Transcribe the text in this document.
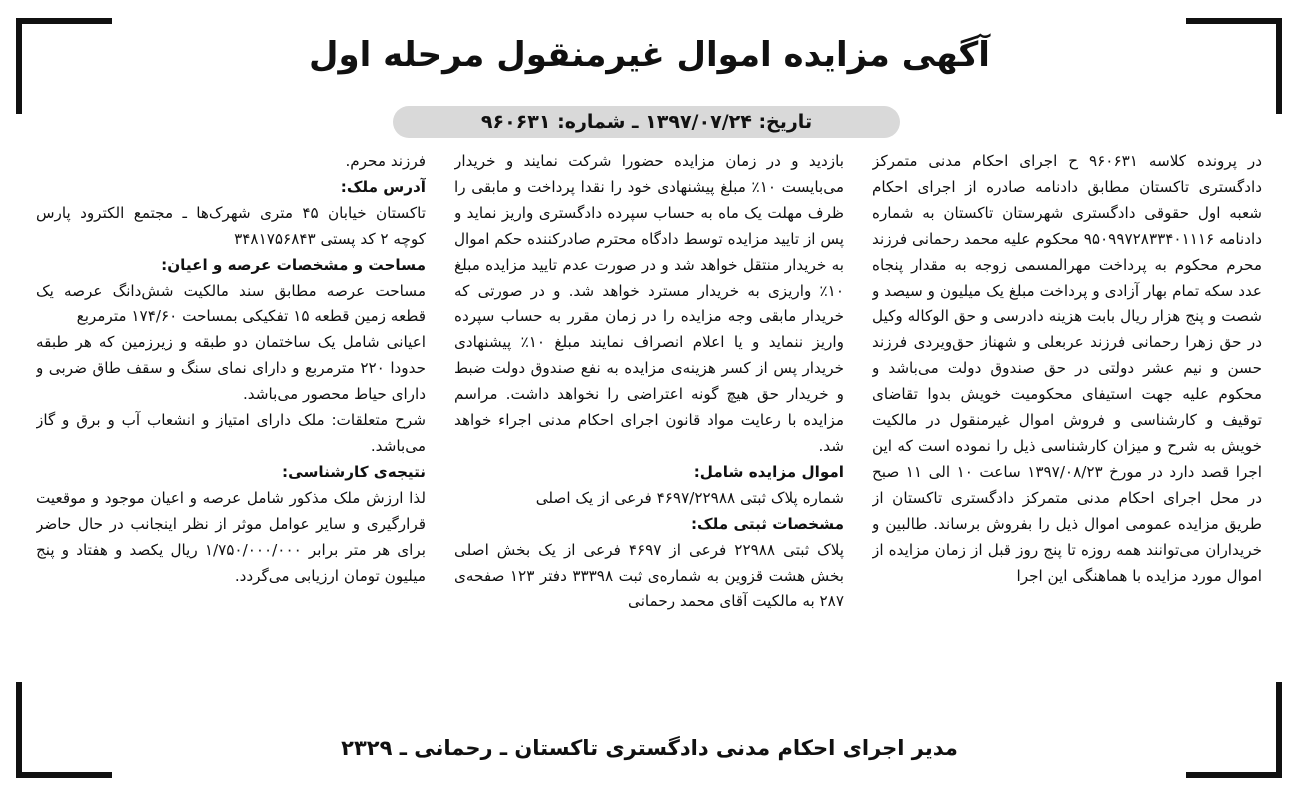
آگهی مزایده اموال غیرمنقول مرحله اول
تاریخ: ۱۳۹۷/۰۷/۲۴ ـ شماره: ۹۶۰۶۳۱

در پرونده کلاسه ۹۶۰۶۳۱ ح اجرای احکام مدنی متمرکز دادگستری تاکستان مطابق دادنامه صادره از اجرای احکام شعبه اول حقوقی دادگستری شهرستان تاکستان به شماره دادنامه ۹۵۰۹۹۷۲۸۳۳۴۰۱۱۱۶ محکوم علیه محمد رحمانی فرزند محرم محکوم به پرداخت مهرالمسمی زوجه به مقدار پنجاه عدد سکه تمام بهار آزادی و پرداخت مبلغ یک میلیون و سیصد و شصت و پنج هزار ریال بابت هزینه دادرسی و حق الوکاله وکیل در حق زهرا رحمانی فرزند عربعلی و شهناز حق‌ویردی فرزند حسن و نیم عشر دولتی در حق صندوق دولت می‌باشد و محکوم علیه جهت استیفای محکومیت خویش بدوا تقاضای توقیف و کارشناسی و فروش اموال غیرمنقول در مالکیت خویش به شرح و میزان کارشناسی ذیل را نموده است که این اجرا قصد دارد در مورخ ۱۳۹۷/۰۸/۲۳ ساعت ۱۰ الی ۱۱ صبح در محل اجرای احکام مدنی متمرکز دادگستری تاکستان از طریق مزایده عمومی اموال ذیل را بفروش برساند. طالبین و خریداران می‌توانند همه روزه تا پنج روز قبل از زمان مزایده از اموال مورد مزایده با هماهنگی این اجرا

بازدید و در زمان مزایده حضورا شرکت نمایند و خریدار می‌بایست ۱۰٪ مبلغ پیشنهادی خود را نقدا پرداخت و مابقی را ظرف مهلت یک ماه به حساب سپرده دادگستری واریز نماید و پس از تایید مزایده توسط دادگاه محترم صادرکننده حکم اموال به خریدار منتقل خواهد شد و در صورت عدم تایید مزایده مبلغ ۱۰٪ واریزی به خریدار مسترد خواهد شد. و در صورتی که خریدار مابقی وجه مزایده را در زمان مقرر به حساب سپرده واریز ننماید و یا اعلام انصراف نمایند مبلغ ۱۰٪ پیشنهادی خریدار پس از کسر هزینه‌ی مزایده به نفع صندوق دولت ضبط و خریدار حق هیچ گونه اعتراضی را نخواهد داشت. مراسم مزایده با رعایت مواد قانون اجرای احکام مدنی اجراء خواهد شد.

اموال مزایده شامل:

شماره پلاک ثبتی ۴۶۹۷/۲۲۹۸۸ فرعی از یک اصلی

مشخصات ثبتی ملک:

پلاک ثبتی ۲۲۹۸۸ فرعی از ۴۶۹۷ فرعی از یک بخش اصلی بخش هشت قزوین به شماره‌ی ثبت ۳۳۳۹۸ دفتر ۱۲۳ صفحه‌ی ۲۸۷ به مالکیت آقای محمد رحمانی

فرزند محرم.

آدرس ملک:

تاکستان خیابان ۴۵ متری شهرک‌ها ـ مجتمع الکترود پارس کوچه ۲ کد پستی ۳۴۸۱۷۵۶۸۴۳

مساحت و مشخصات عرصه و اعیان:

مساحت عرصه مطابق سند مالکیت شش‌دانگ عرصه یک قطعه زمین قطعه ۱۵ تفکیکی بمساحت ۱۷۴/۶۰ مترمربع

اعیانی شامل یک ساختمان دو طبقه و زیرزمین که هر طبقه حدودا ۲۲۰ مترمربع و دارای نمای سنگ و سقف طاق ضربی و دارای حیاط محصور می‌باشد.

شرح متعلقات: ملک دارای امتیاز و انشعاب آب و برق و گاز می‌باشد.

نتیجه‌ی کارشناسی:

لذا ارزش ملک مذکور شامل عرصه و اعیان موجود و موقعیت قرارگیری و سایر عوامل موثر از نظر اینجانب در حال حاضر برای هر متر برابر ۱/۷۵۰/۰۰۰/۰۰۰ ریال یکصد و هفتاد و پنج میلیون تومان ارزیابی می‌گردد.

مدیر اجرای احکام مدنی دادگستری تاکستان ـ رحمانی ـ ۲۳۲۹
